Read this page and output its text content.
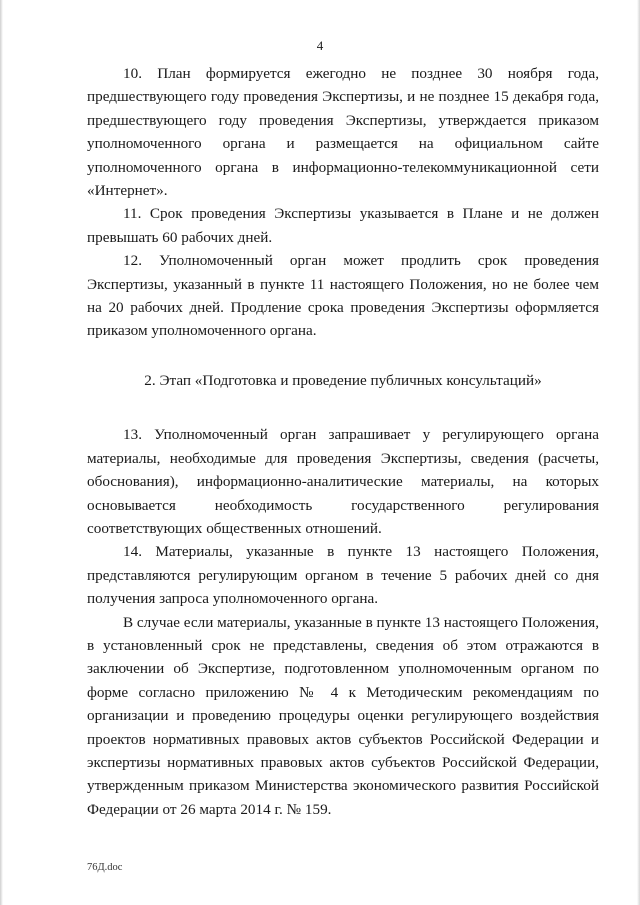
4

10. План формируется ежегодно не позднее 30 ноября года, предшествующего году проведения Экспертизы, и не позднее 15 декабря года, предшествующего году проведения Экспертизы, утверждается приказом уполномоченного органа и размещается на официальном сайте уполномоченного органа в информационно-телекоммуникационной сети «Интернет».

11. Срок проведения Экспертизы указывается в Плане и не должен превышать 60 рабочих дней.

12. Уполномоченный орган может продлить срок проведения Экспертизы, указанный в пункте 11 настоящего Положения, но не более чем на 20 рабочих дней. Продление срока проведения Экспертизы оформляется приказом уполномоченного органа.

2. Этап «Подготовка и проведение публичных консультаций»

13. Уполномоченный орган запрашивает у регулирующего органа материалы, необходимые для проведения Экспертизы, сведения (расчеты, обоснования), информационно-аналитические материалы, на которых основывается необходимость государственного регулирования соответствующих общественных отношений.

14. Материалы, указанные в пункте 13 настоящего Положения, представляются регулирующим органом в течение 5 рабочих дней со дня получения запроса уполномоченного органа.

В случае если материалы, указанные в пункте 13 настоящего Положения, в установленный срок не представлены, сведения об этом отражаются в заключении об Экспертизе, подготовленном уполномоченным органом по форме согласно приложению № 4 к Методическим рекомендациям по организации и проведению процедуры оценки регулирующего воздействия проектов нормативных правовых актов субъектов Российской Федерации и экспертизы нормативных правовых актов субъектов Российской Федерации, утвержденным приказом Министерства экономического развития Российской Федерации от 26 марта 2014 г. № 159.

76Д.doc
